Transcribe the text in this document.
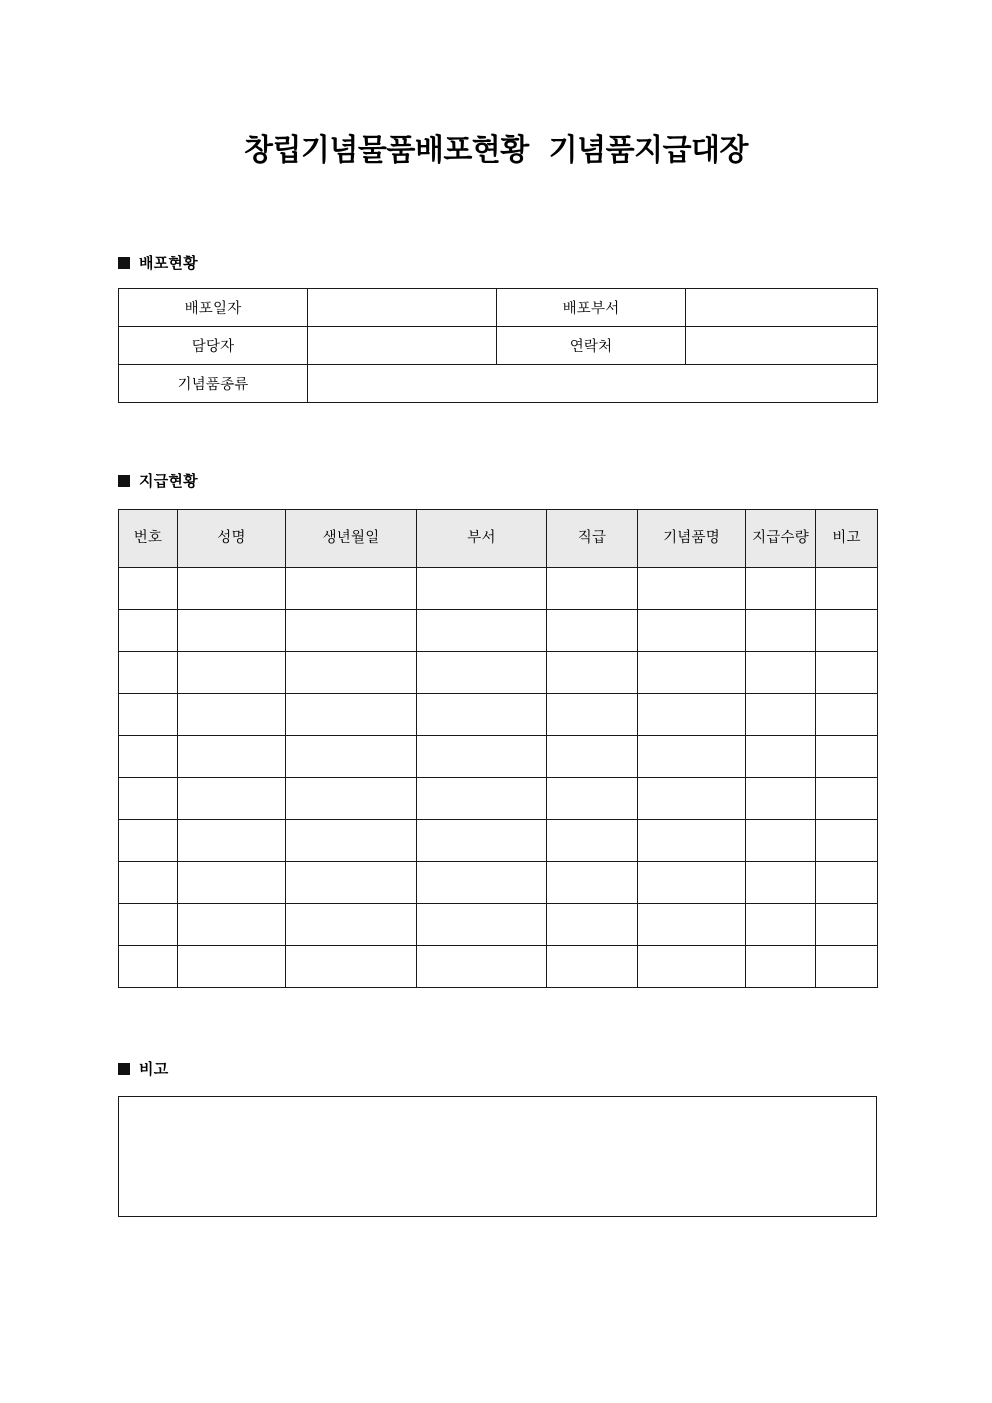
창립기념물품배포현황  기념품지급대장
배포현황
배포일자		배포부서	
담당자		연락처	
기념품종류			
지급현황
번호	성명	생년월일	부서	직급	기념품명	지급수량	비고

비고
